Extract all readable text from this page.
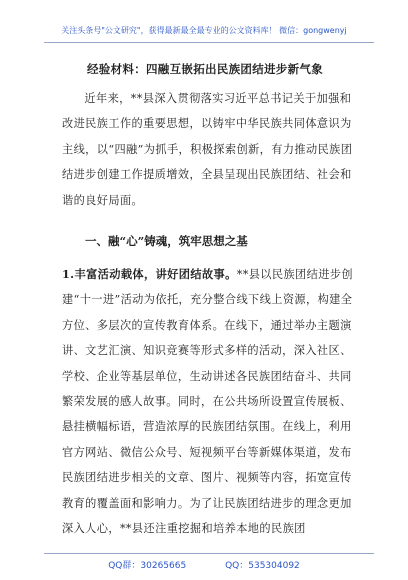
关注头条号"公文研究"，获得最新最全最专业的公文资料库！ 微信：gongwenyj
经验材料：四融互嵌拓出民族团结进步新气象
近年来，**县深入贯彻落实习近平总书记关于加强和改进民族工作的重要思想，以铸牢中华民族共同体意识为主线，以“四融”为抓手，积极探索创新，有力推动民族团结进步创建工作提质增效，全县呈现出民族团结、社会和谐的良好局面。
一、融“心”铸魂，筑牢思想之基
1.丰富活动载体，讲好团结故事。**县以民族团结进步创建“十一进”活动为依托，充分整合线下线上资源，构建全方位、多层次的宣传教育体系。在线下，通过举办主题演讲、文艺汇演、知识竞赛等形式多样的活动，深入社区、学校、企业等基层单位，生动讲述各民族团结奋斗、共同繁荣发展的感人故事。同时，在公共场所设置宣传展板、悬挂横幅标语，营造浓厚的民族团结氛围。在线上，利用官方网站、微信公众号、短视频平台等新媒体渠道，发布民族团结进步相关的文章、图片、视频等内容，拓宽宣传教育的覆盖面和影响力。为了让民族团结进步的理念更加深入人心，**县还注重挖掘和培养本地的民族团
QQ群：30265665	QQ：535304092
